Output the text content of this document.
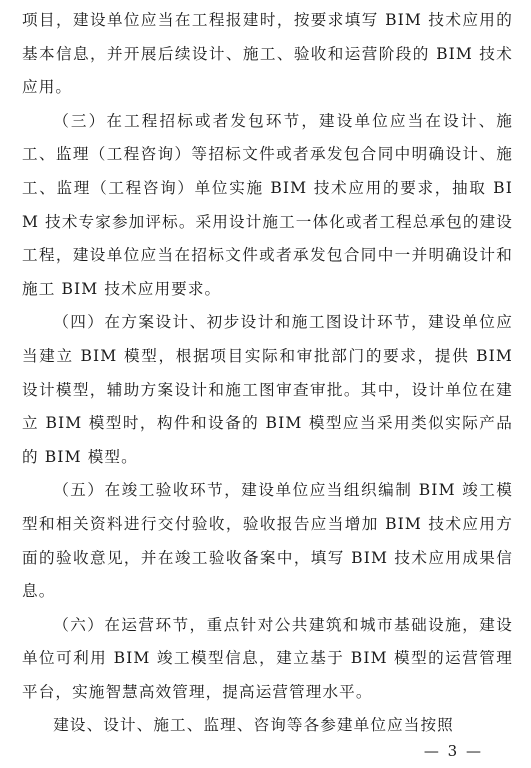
项目，建设单位应当在工程报建时，按要求填写 BIM 技术应用的基本信息，并开展后续设计、施工、验收和运营阶段的 BIM 技术应用。

（三）在工程招标或者发包环节，建设单位应当在设计、施工、监理（工程咨询）等招标文件或者承发包合同中明确设计、施工、监理（工程咨询）单位实施 BIM 技术应用的要求，抽取 BIM 技术专家参加评标。采用设计施工一体化或者工程总承包的建设工程，建设单位应当在招标文件或者承发包合同中一并明确设计和施工 BIM 技术应用要求。

（四）在方案设计、初步设计和施工图设计环节，建设单位应当建立 BIM 模型，根据项目实际和审批部门的要求，提供 BIM 设计模型，辅助方案设计和施工图审查审批。其中，设计单位在建立 BIM 模型时，构件和设备的 BIM 模型应当采用类似实际产品的 BIM 模型。

（五）在竣工验收环节，建设单位应当组织编制 BIM 竣工模型和相关资料进行交付验收，验收报告应当增加 BIM 技术应用方面的验收意见，并在竣工验收备案中，填写 BIM 技术应用成果信息。

（六）在运营环节，重点针对公共建筑和城市基础设施，建设单位可利用 BIM 竣工模型信息，建立基于 BIM 模型的运营管理平台，实施智慧高效管理，提高运营管理水平。

建设、设计、施工、监理、咨询等各参建单位应当按照

— 3 —
